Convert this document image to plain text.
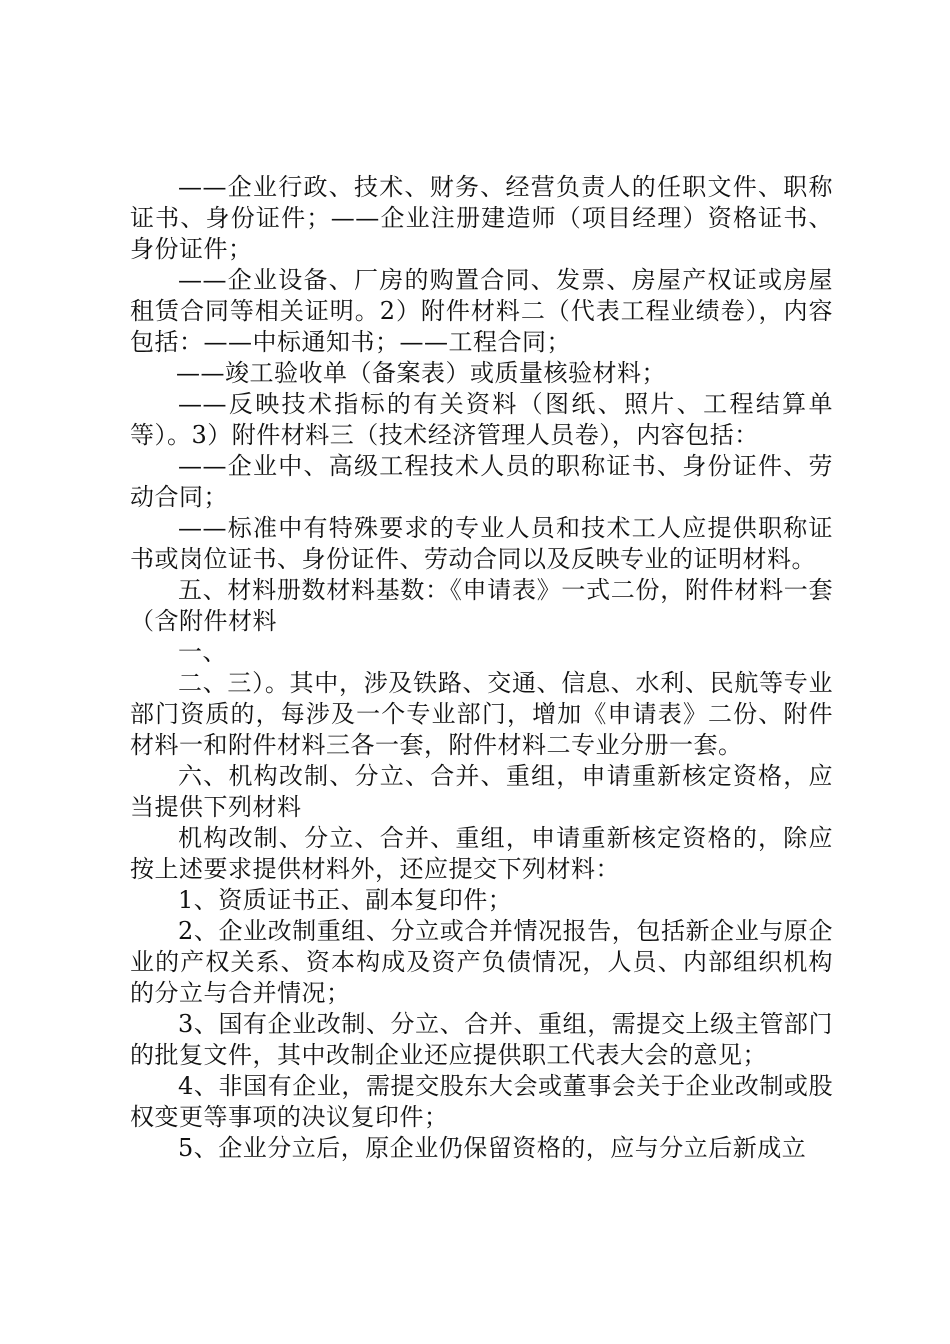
——企业行政、技术、财务、经营负责人的任职文件、职称证书、身份证件；——企业注册建造师（项目经理）资格证书、身份证件；

——企业设备、厂房的购置合同、发票、房屋产权证或房屋租赁合同等相关证明。2）附件材料二（代表工程业绩卷），内容包括：——中标通知书；——工程合同；

——竣工验收单（备案表）或质量核验材料；

——反映技术指标的有关资料（图纸、照片、工程结算单等）。3）附件材料三（技术经济管理人员卷），内容包括：

——企业中、高级工程技术人员的职称证书、身份证件、劳动合同；

——标准中有特殊要求的专业人员和技术工人应提供职称证书或岗位证书、身份证件、劳动合同以及反映专业的证明材料。

五、材料册数材料基数：《申请表》一式二份，附件材料一套（含附件材料

一、

二、三）。其中，涉及铁路、交通、信息、水利、民航等专业部门资质的，每涉及一个专业部门，增加《申请表》二份、附件材料一和附件材料三各一套，附件材料二专业分册一套。

六、机构改制、分立、合并、重组，申请重新核定资格，应当提供下列材料

机构改制、分立、合并、重组，申请重新核定资格的，除应按上述要求提供材料外，还应提交下列材料：

1、资质证书正、副本复印件；

2、企业改制重组、分立或合并情况报告，包括新企业与原企业的产权关系、资本构成及资产负债情况，人员、内部组织机构的分立与合并情况；

3、国有企业改制、分立、合并、重组，需提交上级主管部门的批复文件，其中改制企业还应提供职工代表大会的意见；

4、非国有企业，需提交股东大会或董事会关于企业改制或股权变更等事项的决议复印件；

5、企业分立后，原企业仍保留资格的，应与分立后新成立
